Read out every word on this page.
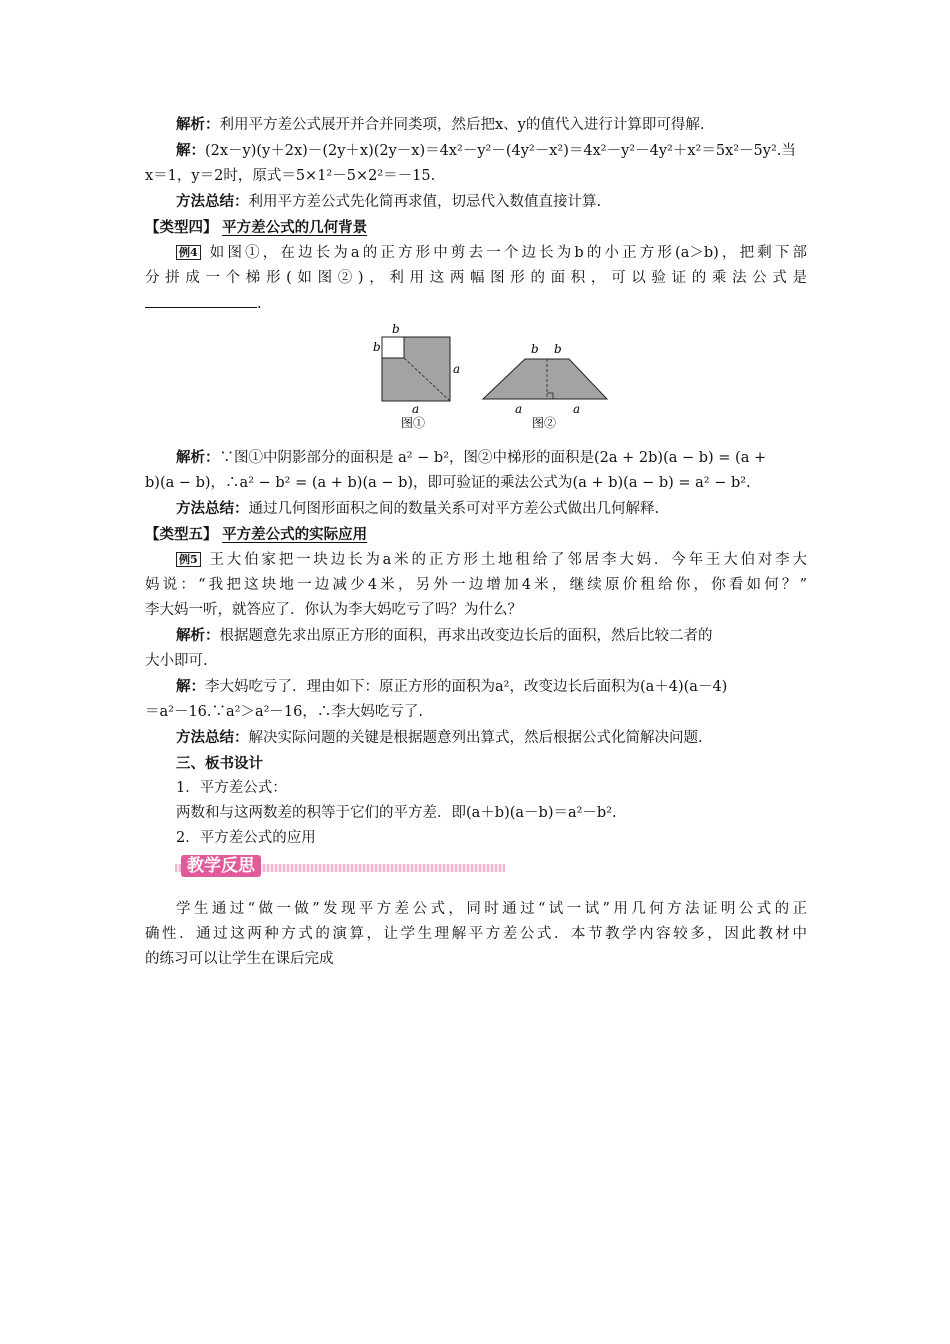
解析：利用平方差公式展开并合并同类项，然后把x、y的值代入进行计算即可得解.

解：(2x－y)(y＋2x)－(2y＋x)(2y－x)＝4x²－y²－(4y²－x²)＝4x²－y²－4y²＋x²＝5x²－5y².当

x＝1，y＝2时，原式＝5×1²－5×2²＝－15.

方法总结：利用平方差公式先化简再求值，切忌代入数值直接计算.

【类型四】 平方差公式的几何背景

例4 如图①，在边长为a的正方形中剪去一个边长为b的小正方形(a＞b)，把剩下部

分拼成一个梯形(如图②)，利用这两幅图形的面积，可以验证的乘法公式是

.

b
b
a
a
图①
b b
a	a
图②

解析：∵图①中阴影部分的面积是 a² − b²，图②中梯形的面积是(2a + 2b)(a − b) = (a +

b)(a − b)，∴a² − b² = (a + b)(a − b)，即可验证的乘法公式为(a + b)(a − b) = a² − b².

方法总结：通过几何图形面积之间的数量关系可对平方差公式做出几何解释.

【类型五】 平方差公式的实际应用

例5 王大伯家把一块边长为a米的正方形土地租给了邻居李大妈．今年王大伯对李大

妈说：“我把这块地一边减少4米，另外一边增加4米，继续原价租给你，你看如何？”

李大妈一听，就答应了．你认为李大妈吃亏了吗？为什么？

解析：根据题意先求出原正方形的面积，再求出改变边长后的面积，然后比较二者的

大小即可.

解：李大妈吃亏了．理由如下：原正方形的面积为a²，改变边长后面积为(a＋4)(a－4)

＝a²－16.∵a²＞a²－16，∴李大妈吃亏了.

方法总结：解决实际问题的关键是根据题意列出算式，然后根据公式化简解决问题.

三、板书设计

1．平方差公式：

两数和与这两数差的积等于它们的平方差．即(a＋b)(a－b)＝a²－b².

2．平方差公式的应用

教学反思

学生通过“做一做”发现平方差公式，同时通过“试一试”用几何方法证明公式的正

确性．通过这两种方式的演算，让学生理解平方差公式．本节教学内容较多，因此教材中

的练习可以让学生在课后完成
